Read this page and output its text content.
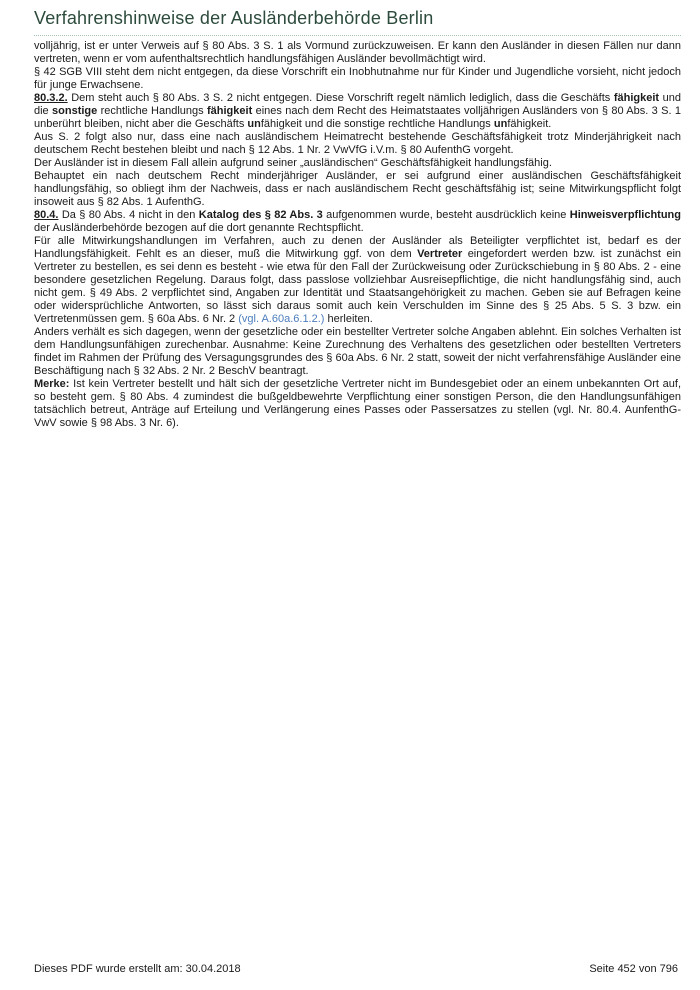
Verfahrenshinweise der Ausländerbehörde Berlin

volljährig, ist er unter Verweis auf § 80 Abs. 3 S. 1 als Vormund zurückzuweisen. Er kann den Ausländer in diesen Fällen nur dann vertreten, wenn er vom aufenthaltsrechtlich handlungsfähigen Ausländer bevollmächtigt wird.

§ 42 SGB VIII steht dem nicht entgegen, da diese Vorschrift ein Inobhutnahme nur für Kinder und Jugendliche vorsieht, nicht jedoch für junge Erwachsene.

80.3.2. Dem steht auch § 80 Abs. 3 S. 2 nicht entgegen. Diese Vorschrift regelt nämlich lediglich, dass die Geschäfts fähigkeit und die sonstige rechtliche Handlungs fähigkeit eines nach dem Recht des Heimatstaates volljährigen Ausländers von § 80 Abs. 3 S. 1 unberührt bleiben, nicht aber die Geschäfts unfähigkeit und die sonstige rechtliche Handlungs unfähigkeit.

Aus S. 2 folgt also nur, dass eine nach ausländischem Heimatrecht bestehende Geschäftsfähigkeit trotz Minderjährigkeit nach deutschem Recht bestehen bleibt und nach § 12 Abs. 1 Nr. 2 VwVfG i.V.m. § 80 AufenthG vorgeht.

Der Ausländer ist in diesem Fall allein aufgrund seiner „ausländischen“ Geschäftsfähigkeit handlungsfähig.

Behauptet ein nach deutschem Recht minderjähriger Ausländer, er sei aufgrund einer ausländischen Geschäftsfähigkeit handlungsfähig, so obliegt ihm der Nachweis, dass er nach ausländischem Recht geschäftsfähig ist; seine Mitwirkungspflicht folgt insoweit aus § 82 Abs. 1 AufenthG.

80.4. Da § 80 Abs. 4 nicht in den Katalog des § 82 Abs. 3 aufgenommen wurde, besteht ausdrücklich keine Hinweisverpflichtung der Ausländerbehörde bezogen auf die dort genannte Rechtspflicht.

Für alle Mitwirkungshandlungen im Verfahren, auch zu denen der Ausländer als Beteiligter verpflichtet ist, bedarf es der Handlungsfähigkeit. Fehlt es an dieser, muß die Mitwirkung ggf. von dem Vertreter eingefordert werden bzw. ist zunächst ein Vertreter zu bestellen, es sei denn es besteht - wie etwa für den Fall der Zurückweisung oder Zurückschiebung in § 80 Abs. 2 - eine besondere gesetzlichen Regelung. Daraus folgt, dass passlose vollziehbar Ausreisepflichtige, die nicht handlungsfähig sind, auch nicht gem. § 49 Abs. 2 verpflichtet sind, Angaben zur Identität und Staatsangehörigkeit zu machen. Geben sie auf Befragen keine oder widersprüchliche Antworten, so lässt sich daraus somit auch kein Verschulden im Sinne des § 25 Abs. 5 S. 3 bzw. ein Vertretenmüssen gem. § 60a Abs. 6 Nr. 2 (vgl. A.60a.6.1.2.) herleiten.

Anders verhält es sich dagegen, wenn der gesetzliche oder ein bestellter Vertreter solche Angaben ablehnt. Ein solches Verhalten ist dem Handlungsunfähigen zurechenbar. Ausnahme: Keine Zurechnung des Verhaltens des gesetzlichen oder bestellten Vertreters findet im Rahmen der Prüfung des Versagungsgrundes des § 60a Abs. 6 Nr. 2 statt, soweit der nicht verfahrensfähige Ausländer eine Beschäftigung nach § 32 Abs. 2 Nr. 2 BeschV beantragt.

Merke: Ist kein Vertreter bestellt und hält sich der gesetzliche Vertreter nicht im Bundesgebiet oder an einem unbekannten Ort auf, so besteht gem. § 80 Abs. 4 zumindest die bußgeldbewehrte Verpflichtung einer sonstigen Person, die den Handlungsunfähigen tatsächlich betreut, Anträge auf Erteilung und Verlängerung eines Passes oder Passersatzes zu stellen (vgl. Nr. 80.4. AunfenthG- VwV sowie § 98 Abs. 3 Nr. 6).

Dieses PDF wurde erstellt am: 30.04.2018	Seite 452 von 796
